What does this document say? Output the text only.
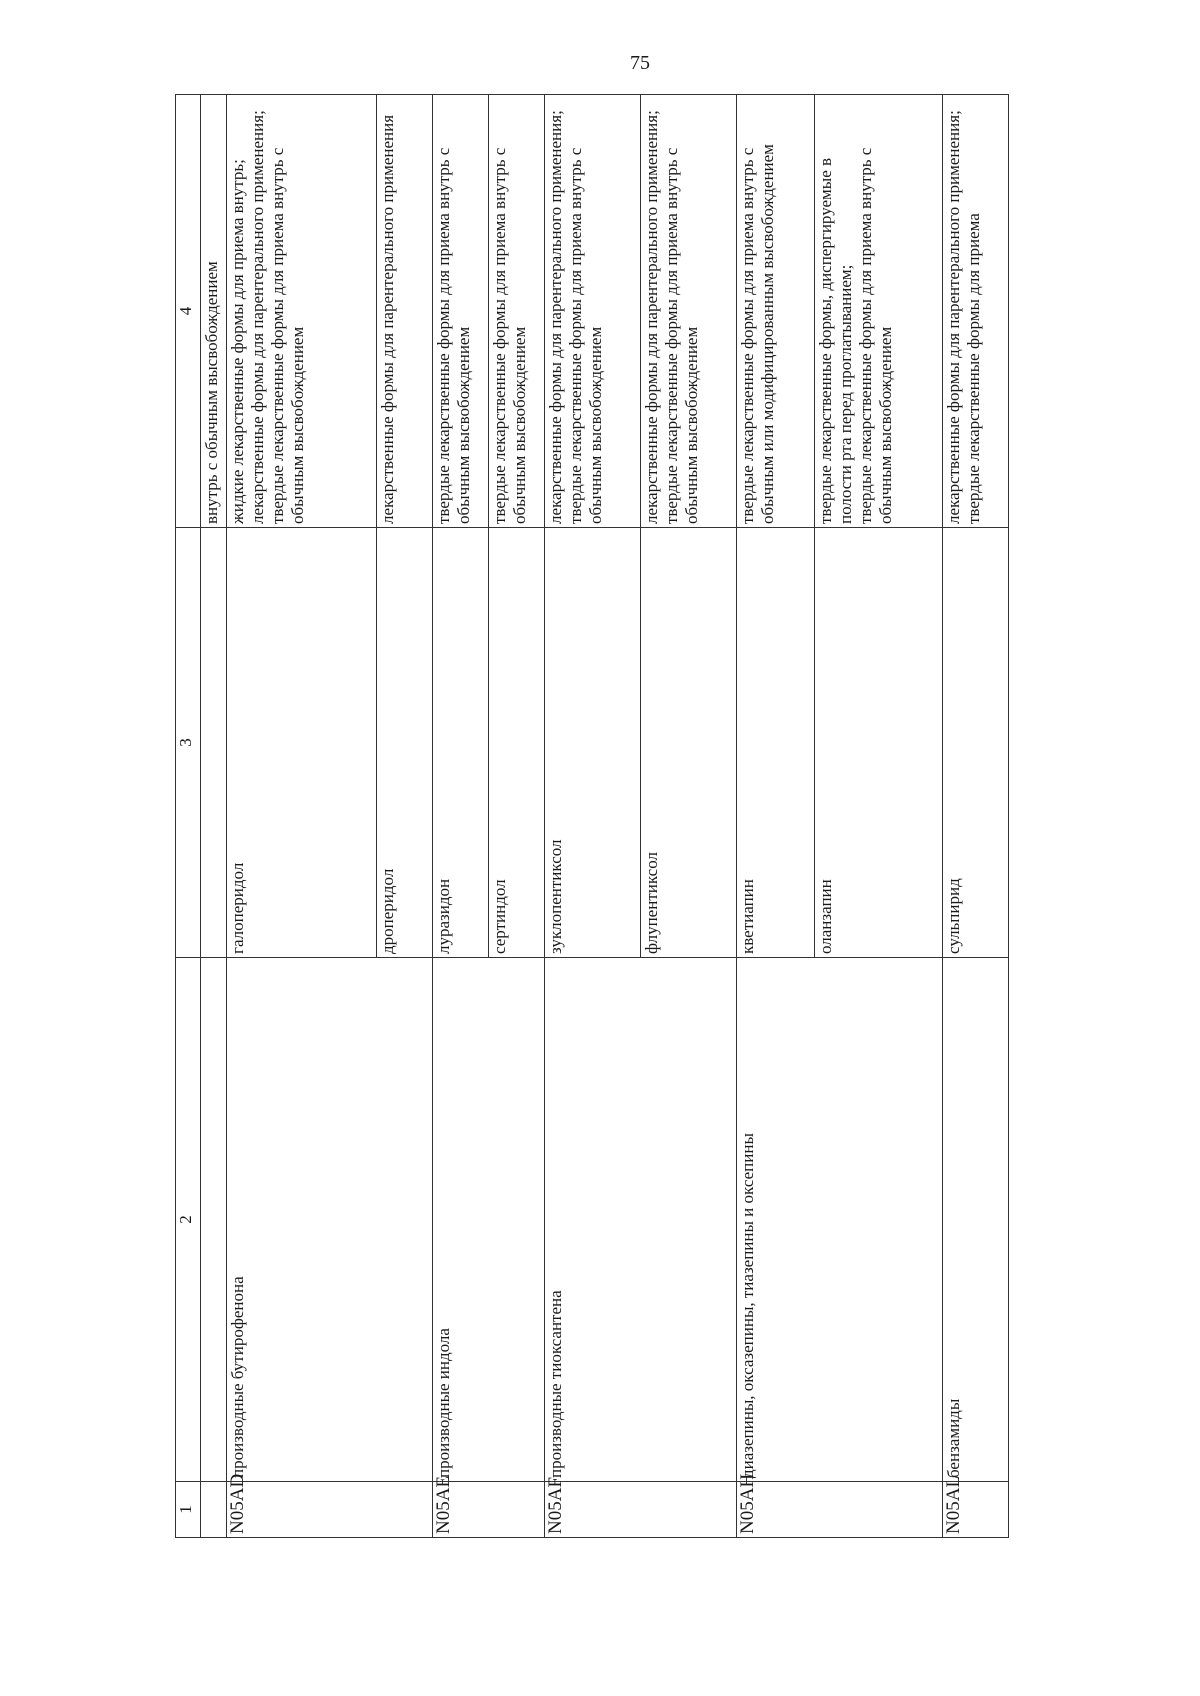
75
1	2	3	4

			внутрь с обычным высвобождением

N05AD	производные бутирофенона	галоперидол	жидкие лекарственные формы для приема внутрь; лекарственные формы для парентерального применения; твердые лекарственные формы для приема внутрь с обычным высвобождением

		дроперидол	лекарственные формы для парентерального применения

N05AE	производные индола	луразидон	твердые лекарственные формы для приема внутрь с обычным высвобождением

		сертиндол	твердые лекарственные формы для приема внутрь с обычным высвобождением

N05AF	производные тиоксантена	зуклопентиксол	лекарственные формы для парентерального применения; твердые лекарственные формы для приема внутрь с обычным высвобождением

		флупентиксол	лекарственные формы для парентерального применения; твердые лекарственные формы для приема внутрь с обычным высвобождением

N05AH	диазепины, оксазепины, тиазепины и оксепины	кветиапин	твердые лекарственные формы для приема внутрь с обычным или модифицированным высвобождением

		оланзапин	твердые лекарственные формы, диспергируемые в полости рта перед проглатыванием; твердые лекарственные формы для приема внутрь с обычным высвобождением

N05AL	бензамиды	сульпирид	лекарственные формы для парентерального применения; твердые лекарственные формы для приема
